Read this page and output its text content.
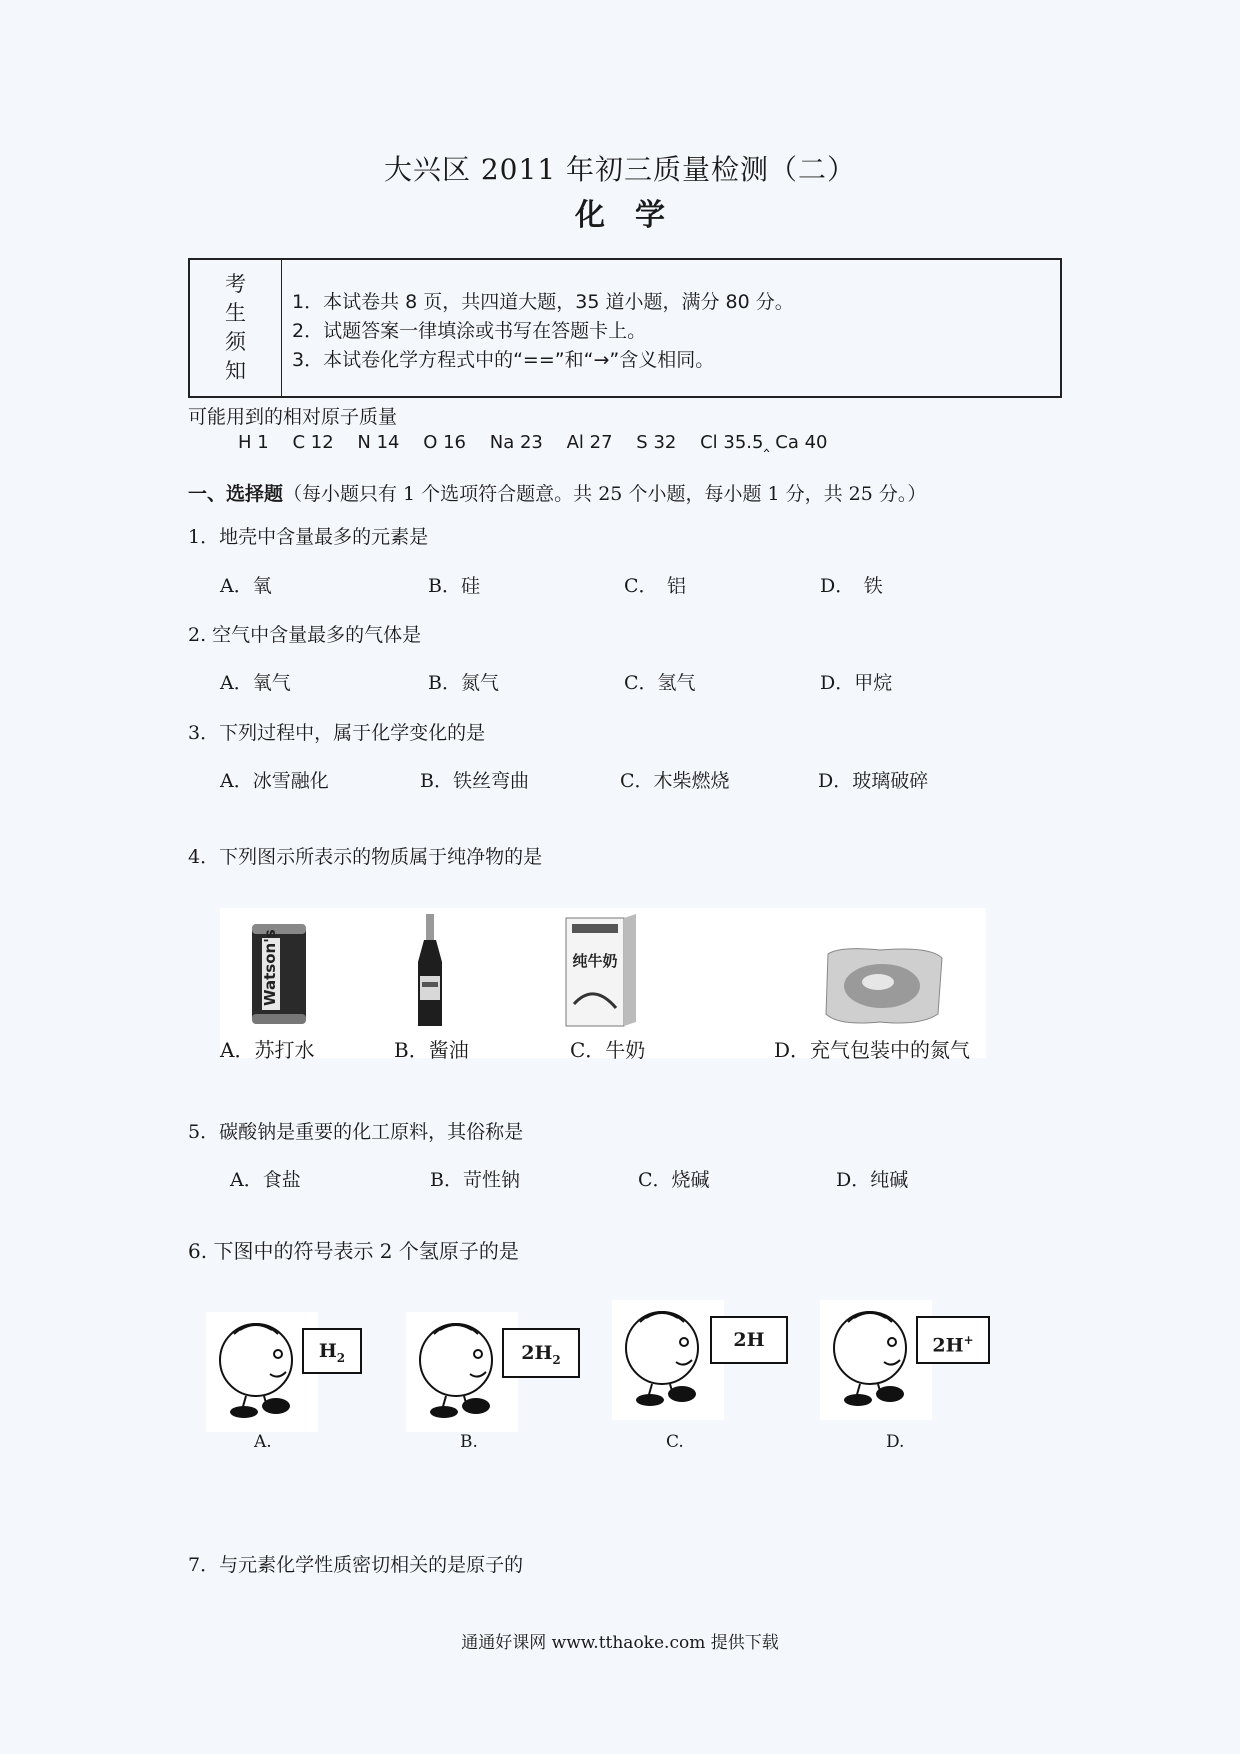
大兴区 2011 年初三质量检测（二）
化　学
考
生
须
知
1．本试卷共 8 页，共四道大题，35 道小题，满分 80 分。
2．试题答案一律填涂或书写在答题卡上。
3．本试卷化学方程式中的“==”和“→”含义相同。
可能用到的相对原子质量
H 1 C 12 N 14 O 16 Na 23 Al 27 S 32 Cl 35.5‸ Ca 40
一、选择题（每小题只有 1 个选项符合题意。共 25 个小题，每小题 1 分，共 25 分。）
1．地壳中含量最多的元素是
A．氧	B．硅	C．　铝	D．　铁
2. 空气中含量最多的气体是
A．氧气	B．氮气	C．氢气	D．甲烷
3．下列过程中，属于化学变化的是
A．冰雪融化	B．铁丝弯曲	C．木柴燃烧	D．玻璃破碎
4．下列图示所表示的物质属于纯净物的是
Watson's	纯牛奶
A．苏打水	B．酱油	C．牛奶	D．充气包装中的氮气
5．碳酸钠是重要的化工原料，其俗称是
A．食盐	B．苛性钠	C．烧碱	D．纯碱
6. 下图中的符号表示 2 个氢原子的是
$H_2$
A.
$2H_2$
B.
2H
C.
2H+
D.
7．与元素化学性质密切相关的是原子的
通通好课网 www.tthaoke.com 提供下载
